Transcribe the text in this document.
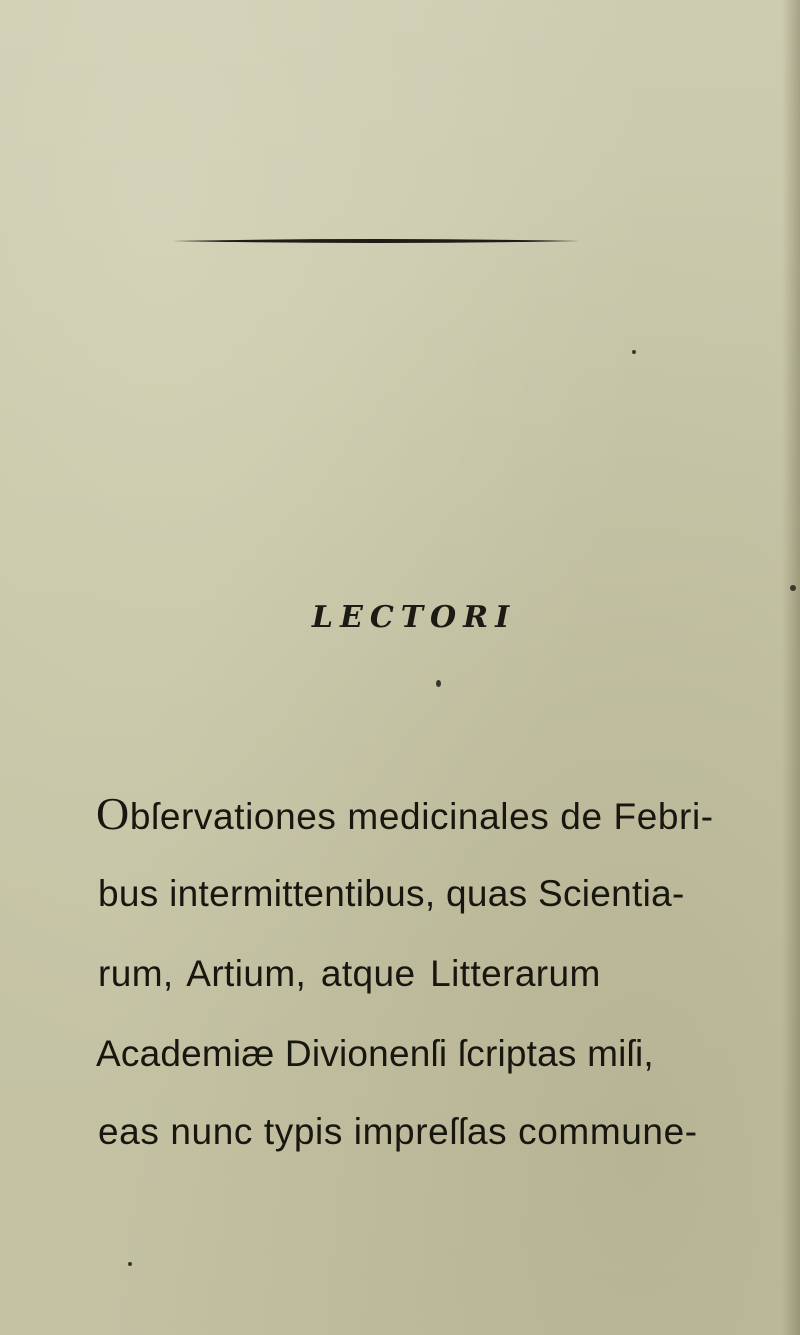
LECTORI
Obſervationes medicinales de Febri-
bus intermittentibus, quas Scientia-
rum, Artium, atque Litterarum
Academiæ Divionenſi ſcriptas miſi,
eas nunc typis impreſſas commune-
